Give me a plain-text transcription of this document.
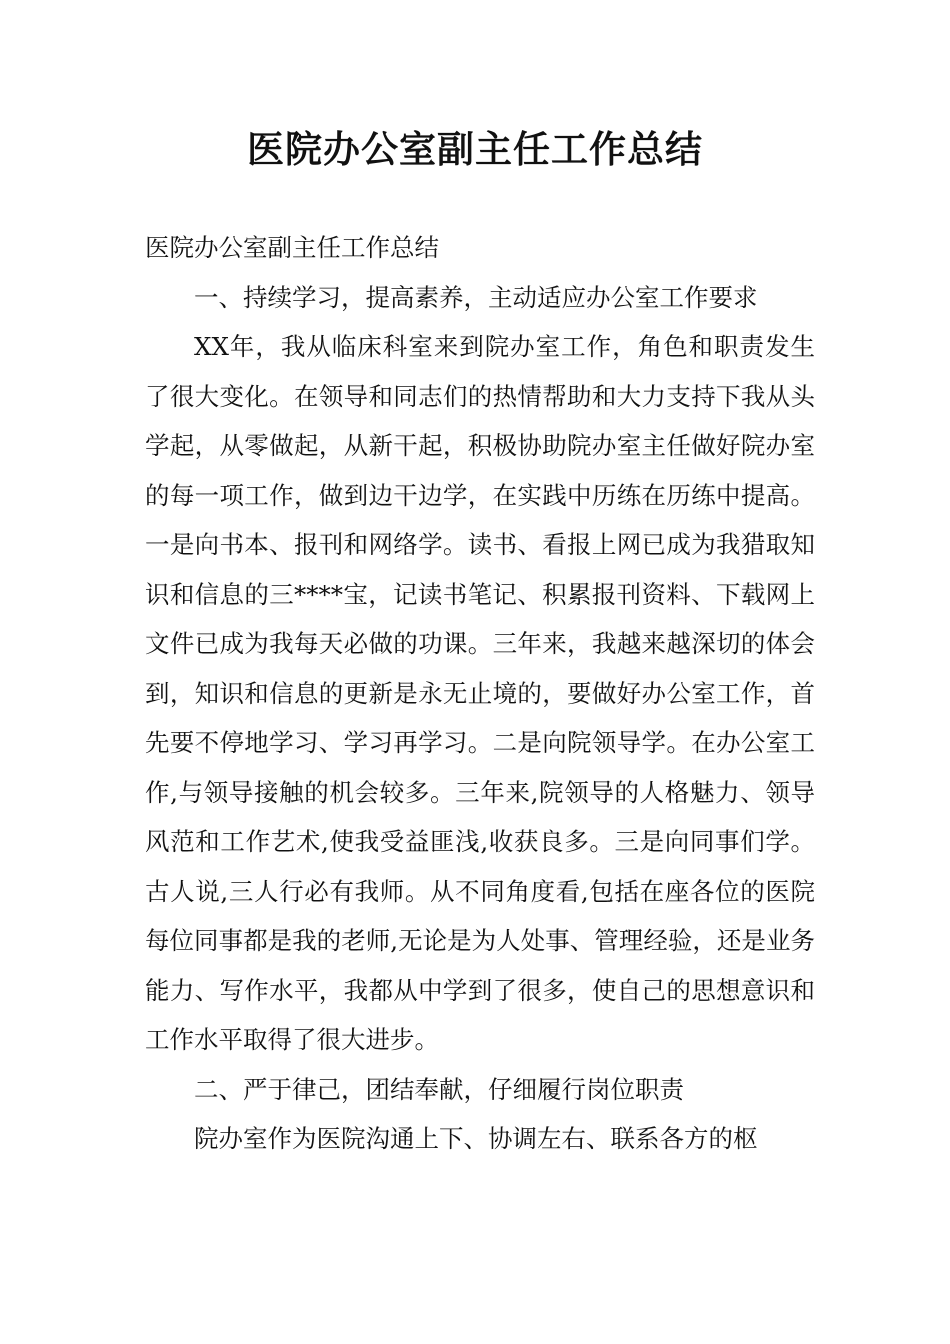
医院办公室副主任工作总结

医院办公室副主任工作总结

一、持续学习，提高素养，主动适应办公室工作要求

XX年，我从临床科室来到院办室工作，角色和职责发生了很大变化。在领导和同志们的热情帮助和大力支持下我从头学起，从零做起，从新干起，积极协助院办室主任做好院办室的每一项工作，做到边干边学，在实践中历练在历练中提高。一是向书本、报刊和网络学。读书、看报上网已成为我猎取知识和信息的三****宝，记读书笔记、积累报刊资料、下载网上文件已成为我每天必做的功课。三年来，我越来越深切的体会到，知识和信息的更新是永无止境的，要做好办公室工作，首先要不停地学习、学习再学习。二是向院领导学。在办公室工作,与领导接触的机会较多。三年来,院领导的人格魅力、领导风范和工作艺术,使我受益匪浅,收获良多。三是向同事们学。古人说,三人行必有我师。从不同角度看,包括在座各位的医院每位同事都是我的老师,无论是为人处事、管理经验，还是业务能力、写作水平，我都从中学到了很多，使自己的思想意识和工作水平取得了很大进步。

二、严于律己，团结奉献，仔细履行岗位职责

院办室作为医院沟通上下、协调左右、联系各方的枢
